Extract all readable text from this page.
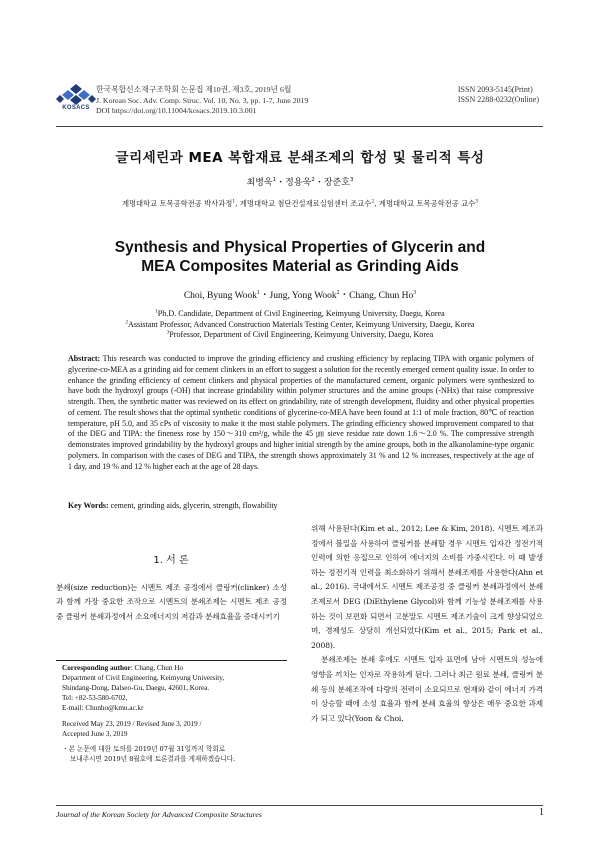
KOSACS
한국복합신소재구조학회 논문집 제10권, 제3호, 2019년 6월
J. Korean Soc. Adv. Comp. Struc. Vol. 10, No. 3, pp. 1-7, June 2019
DOI https://doi.org/10.11004/kosacs.2019.10.3.001
ISSN 2093-5145(Print)
ISSN 2288-0232(Online)
글리세린과 MEA 복합재료 분쇄조제의 합성 및 물리적 특성
최병욱$^1$・정용욱$^2$・장준호$^3$
계명대학교 토목공학전공 박사과정$^1$, 계명대학교 첨단건설재료실험센터 조교수$^2$, 계명대학교 토목공학전공 교수$^3$
Synthesis and Physical Properties of Glycerin and
MEA Composites Material as Grinding Aids
Choi, Byung Wook$^1$・Jung, Yong Wook$^2$・Chang, Chun Ho$^3$
$^1$Ph.D. Candidate, Department of Civil Engineering, Keimyung University, Daegu, Korea
$^2$Assistant Professor, Advanced Construction Materials Testing Center, Keimyung University, Daegu, Korea
$^3$Professor, Department of Civil Engineering, Keimyung University, Daegu, Korea
Abstract: This research was conducted to improve the grinding efficiency and crushing efficiency by replacing TIPA with organic polymers of glycerine-co-MEA as a grinding aid for cement clinkers in an effort to suggest a solution for the recently emerged cement quality issue. In order to enhance the grinding efficiency of cement clinkers and physical properties of the manufactured cement, organic polymers were synthesized to have both the hydroxyl groups (-OH) that increase grindability within polymer structures and the amine groups (-NHx) that raise compressive strength. Then, the synthetic matter was reviewed on its effect on grindability, rate of strength development, fluidity and other physical properties of cement. The result shows that the optimal synthetic conditions of glycerine-co-MEA have been found at 1:1 of mole fraction, 80℃ of reaction temperature, pH 5.0, and 35 cPs of viscosity to make it the most stable polymers. The grinding efficiency showed improvement compared to that of the DEG and TIPA: the fineness rose by 150～310 cm²/g, while the 45 ㎛ sieve residue rate down 1.6～2.0 %. The compressive strength demonstrates improved grindability by the hydroxyl groups and higher initial strength by the amine groups, both in the alkanolamine-type organic polymers. In comparison with the cases of DEG and TIPA, the strength shows approximately 31 % and 12 % increases, respectively at the age of 1 day, and 19 % and 12 % higher each at the age of 28 days.
Key Words: cement, grinding aids, glycerin, strength, flowability
1. 서 론
분쇄(size reduction)는 시멘트 제조 공정에서 클링커(clinker) 소성과 함께 가장 중요한 조작으로 시멘트의 분쇄조제는 시멘트 제조 공정 중 클링커 분쇄과정에서 소요에너지의 저감과 분쇄효율을 증대시키기
Corresponding author: Chang, Chun Ho
Department of Civil Engineering, Keimyung University,
Shindang-Dong, Dalseo-Gu, Daegu, 42601, Korea.
Tel: +82-53-580-6702,
E-mail: Chunho@kmu.ac.kr
Received May 23, 2019 / Revised June 3, 2019 /
Accepted June 3, 2019
・본 논문에 대한 토의를 2019년 07월 31일까지 학회로
보내주시면 2019년 8월호에 토론결과를 게재하겠습니다.

위해 사용된다(Kim et al., 2012; Lee & Kim, 2018). 시멘트 제조과정에서 볼밀을 사용하여 클링커를 분쇄할 경우 시멘트 입자간 정전기적 인력에 의한 응집으로 인하여 에너지의 소비를 가중시킨다. 이 때 발생하는 정전기적 인력을 최소화하기 위해서 분쇄조제를 사용한다(Ahn et al., 2016). 국내에서도 시멘트 제조공정 중 클링커 분쇄과정에서 분쇄조제로서 DEG (DiEthylene Glycol)와 함께 기능성 분쇄조제를 사용하는 것이 보편화 되면서 고분말도 시멘트 제조기술이 크게 향상되었으며, 경제성도 상당히 개선되었다(Kim et al., 2015; Park et al., 2008).

분쇄조제는 분쇄 후에도 시멘트 입자 표면에 남아 시멘트의 성능에 영향을 끼치는 인자로 작용하게 된다. 그러나 최근 원료 분쇄, 클링커 분쇄 등의 분쇄조작에 다량의 전력이 소요되므로 현재와 같이 에너지 가격이 상승할 때에 소성 효율과 함께 분쇄 효율의 향상은 매우 중요한 과제가 되고 있다(Yoon & Choi,

Journal of the Korean Society for Advanced Composite Structures	1
